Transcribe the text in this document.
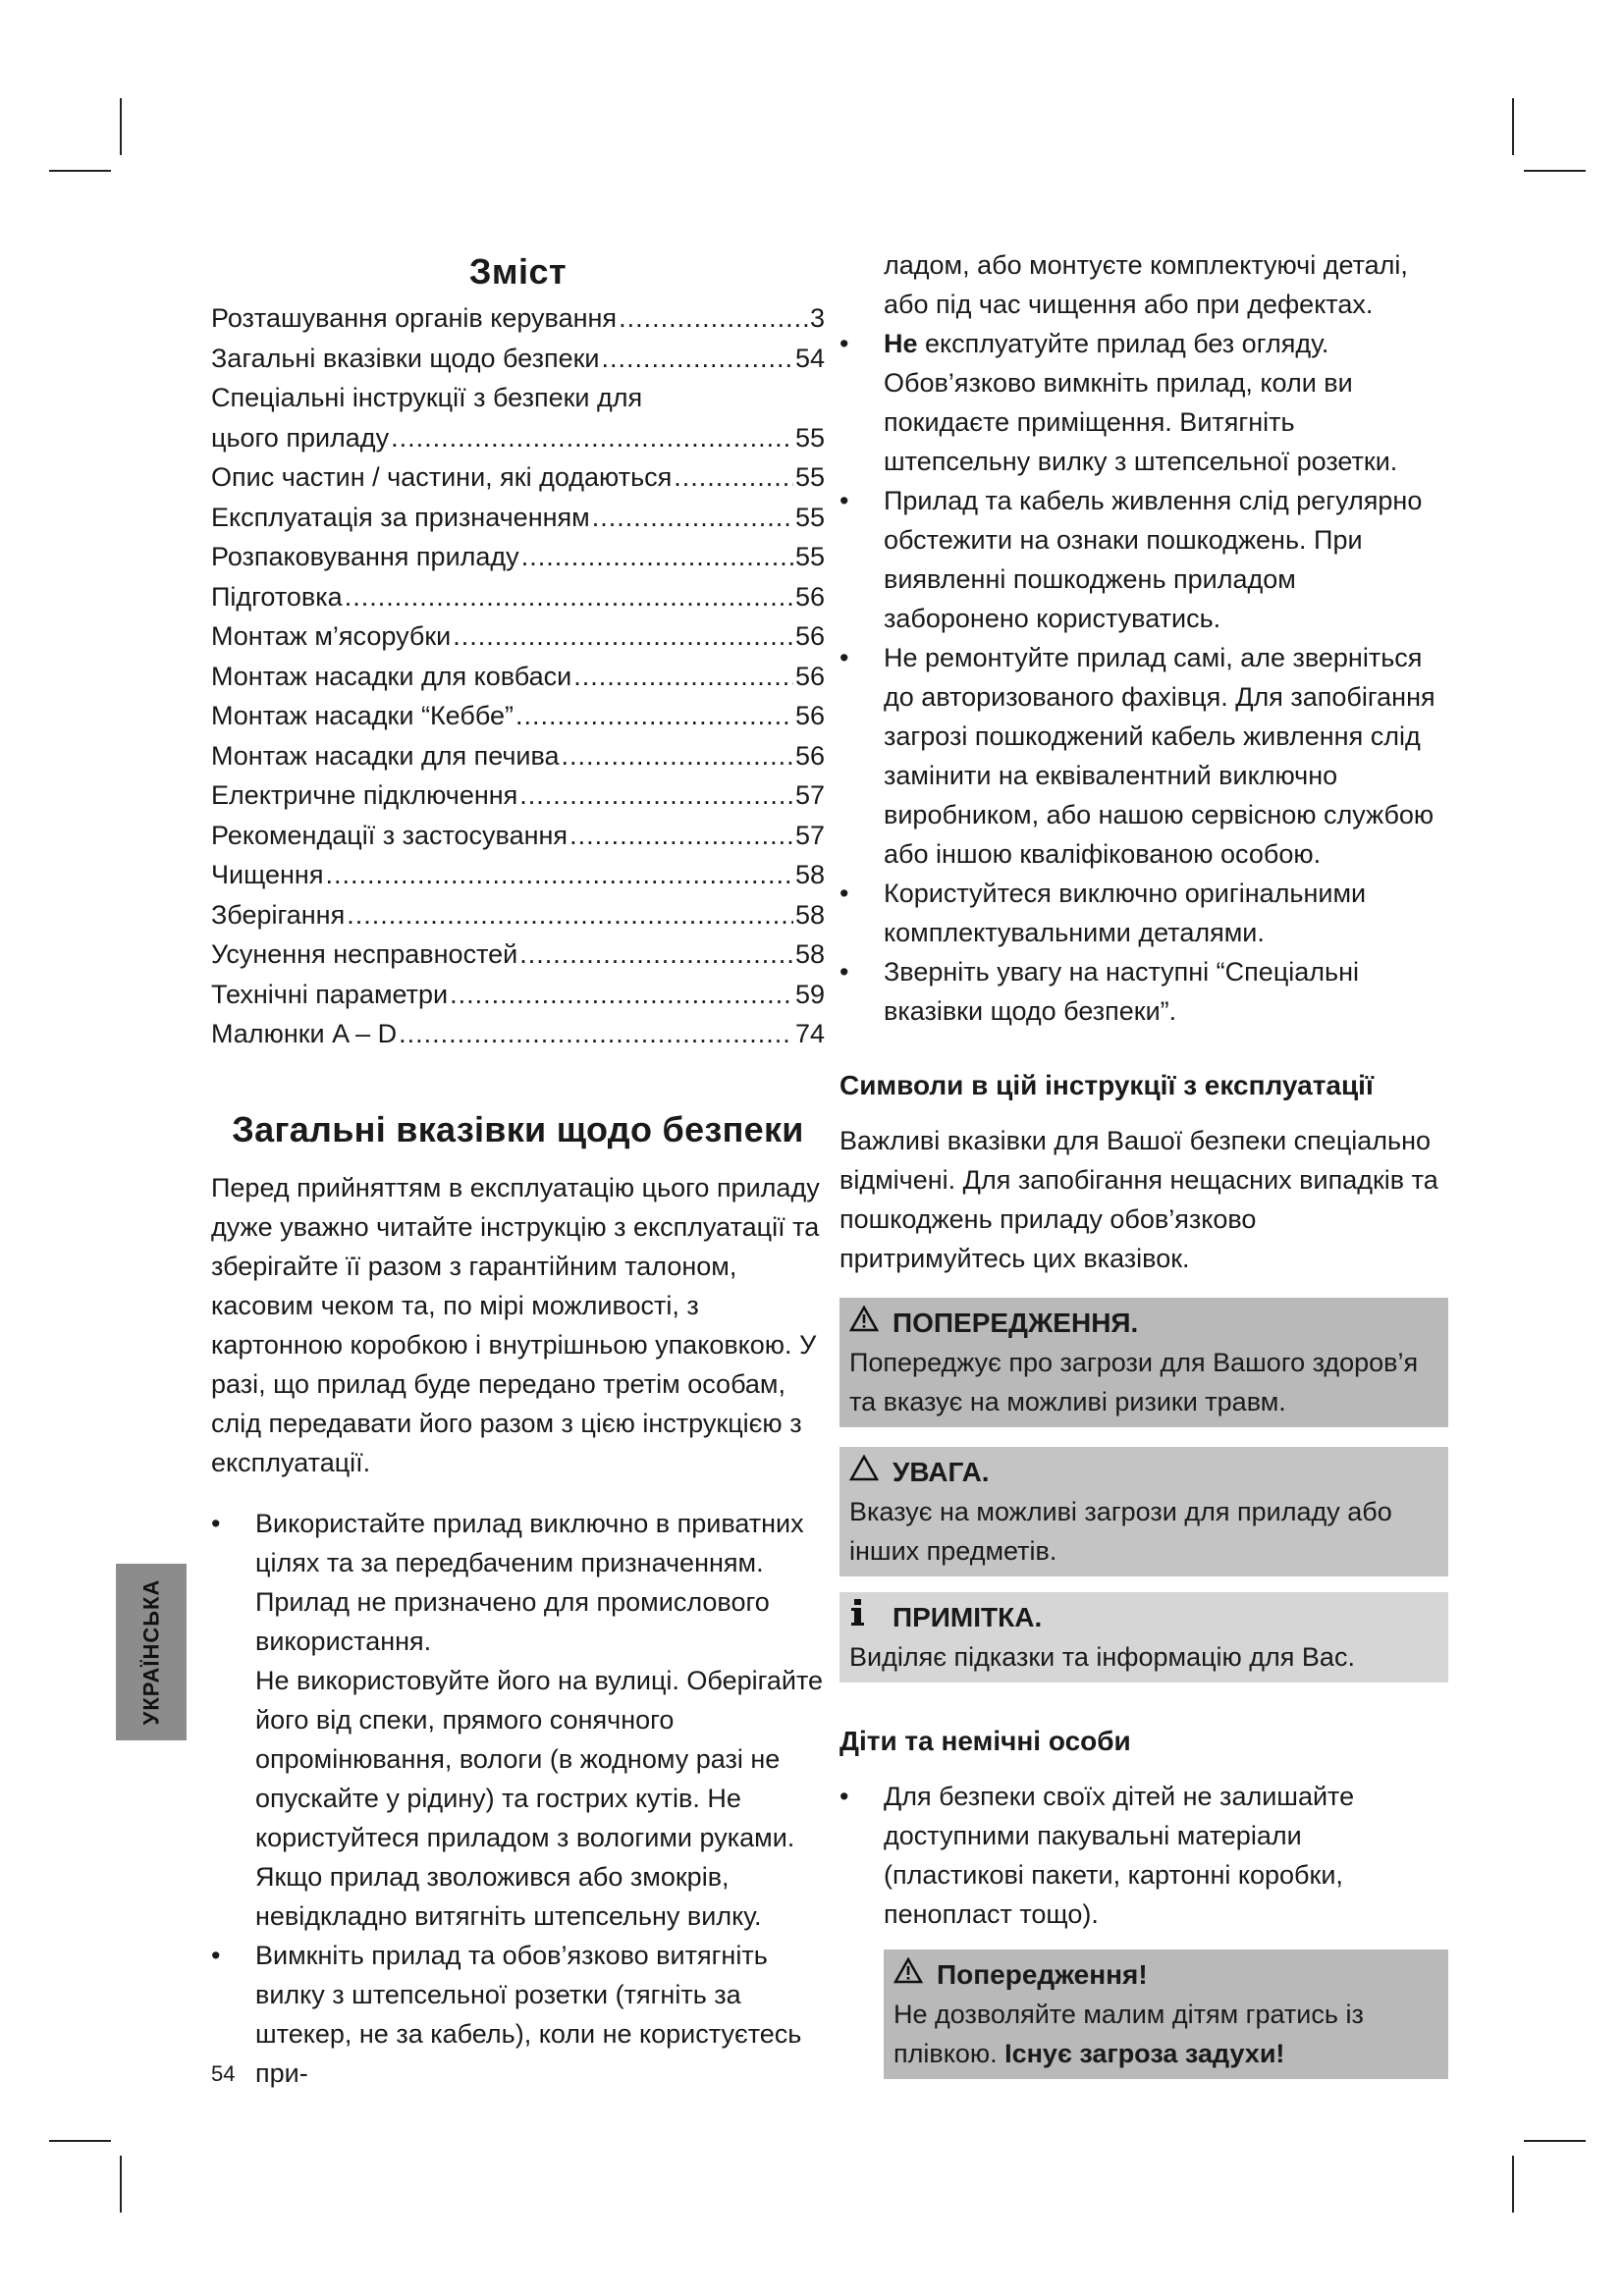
УКРАЇНСЬКА
Зміст
Розташування органів керування .....	3
Загальні вказівки щодо безпеки .....	54
Спеціальні інструкції з безпеки для
цього приладу .....	55
Опис частин / частини, які додаються .....	55
Експлуатація за призначенням .....	55
Розпаковування приладу .....	55
Підготовка .....	56
Монтаж м’ясорубки .....	56
Монтаж насадки для ковбаси .....	56
Монтаж насадки “Кеббе” .....	56
Монтаж насадки для печива .....	56
Електричне підключення .....	57
Рекомендації з застосування .....	57
Чищення .....	58
Зберігання .....	58
Усунення несправностей .....	58
Технічні параметри .....	59
Малюнки A – D .....	74
Загальні вказівки щодо безпеки

Перед прийняттям в експлуатацію цього приладу дуже уважно читайте інструкцію з експлуатації та зберігайте її разом з гарантійним талоном, касовим чеком та, по мірі можливості, з картонною коробкою і внутрішньою упаковкою. У разі, що прилад буде передано третім особам, слід передавати його разом з цією інструкцією з експлуатації.

• Використайте прилад виключно в приватних цілях та за передбаченим призначенням. Прилад не призначено для промислового використання.

Не використовуйте його на вулиці. Оберігайте його від спеки, прямого сонячного опромінювання, вологи (в жодному разі не опускайте у рідину) та гострих кутів. Не користуйтеся приладом з вологими руками. Якщо прилад зволожився або змокрів, невідкладно витягніть штепсельну вилку.

• Вимкніть прилад та обов’язково витягніть вилку з штепсельної розетки (тягніть за штекер, не за кабель), коли не користуєтесь при-

ладом, або монтуєте комплектуючі деталі, або під час чищення або при дефектах.

• Не експлуатуйте прилад без огляду. Обов’язково вимкніть прилад, коли ви покидаєте приміщення. Витягніть штепсельну вилку з штепсельної розетки.

• Прилад та кабель живлення слід регулярно обстежити на ознаки пошкоджень. При виявленні пошкоджень приладом заборонено користуватись.

• Не ремонтуйте прилад самі, але зверніться до авторизованого фахівця. Для запобігання загрозі пошкоджений кабель живлення слід замінити на еквівалентний виключно виробником, або нашою сервісною службою або іншою кваліфікованою особою.

• Користуйтеся виключно оригінальними комплектувальними деталями.

• Зверніть увагу на наступні “Спеціальні вказівки щодо безпеки”.

Символи в цій інструкції з експлуатації

Важливі вказівки для Вашої безпеки спеціально відмічені. Для запобігання нещасних випадків та пошкоджень приладу обов’язково притримуйтесь цих вказівок.

ПОПЕРЕДЖЕННЯ.
Попереджує про загрози для Вашого здоров’я та вказує на можливі ризики травм.
УВАГА.
Вказує на можливі загрози для приладу або інших предметів.
ПРИМІТКА.
Виділяє підказки та інформацію для Вас.
Діти та немічні особи

• Для безпеки своїх дітей не залишайте доступними пакувальні матеріали (пластикові пакети, картонні коробки, пенопласт тощо).

Попередження!
Не дозволяйте малим дітям гратись із плівкою. Існує загроза задухи!
54
